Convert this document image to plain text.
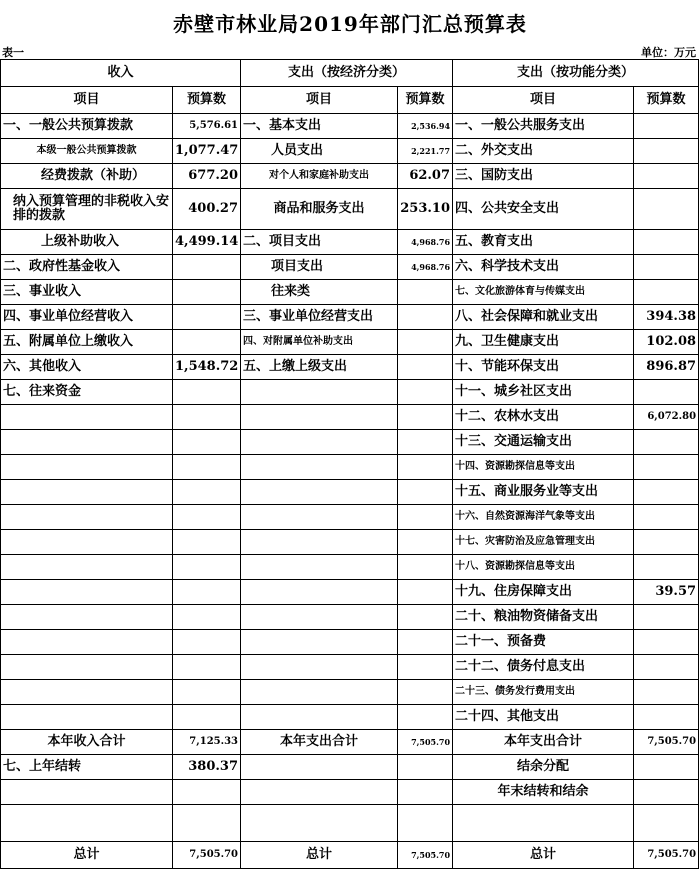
赤壁市林业局2019年部门汇总预算表
表一	单位：万元
收入		支出（按经济分类）		支出（按功能分类）	
项目	预算数	项目	预算数	项目	预算数
一、一般公共预算拨款	5,576.61	一、基本支出	2,536.94	一、一般公共服务支出	
本级一般公共预算拨款	1,077.47	人员支出	2,221.77	二、外交支出	
经费拨款（补助）	677.20	对个人和家庭补助支出	62.07	三、国防支出	
纳入预算管理的非税收入安排的拨款	400.27	商品和服务支出	253.10	四、公共安全支出	
上级补助收入	4,499.14	二、项目支出	4,968.76	五、教育支出	
二、政府性基金收入		项目支出	4,968.76	六、科学技术支出	
三、事业收入		往来类		七、文化旅游体育与传媒支出	
四、事业单位经营收入		三、事业单位经营支出		八、社会保障和就业支出	394.38
五、附属单位上缴收入		四、对附属单位补助支出		九、卫生健康支出	102.08
六、其他收入	1,548.72	五、上缴上级支出		十、节能环保支出	896.87
七、往来资金				十一、城乡社区支出	
				十二、农林水支出	6,072.80
				十三、交通运输支出	
				十四、资源勘探信息等支出	
				十五、商业服务业等支出	
				十六、自然资源海洋气象等支出	
				十七、灾害防治及应急管理支出	
				十八、资源勘探信息等支出	
				十九、住房保障支出	39.57
				二十、粮油物资储备支出	
				二十一、预备费	
				二十二、债务付息支出	
				二十三、债务发行费用支出	
				二十四、其他支出	
本年收入合计	7,125.33	本年支出合计	7,505.70	本年支出合计	7,505.70
七、上年结转	380.37			结余分配	
				年末结转和结余	

总计	7,505.70	总计	7,505.70	总计	7,505.70
